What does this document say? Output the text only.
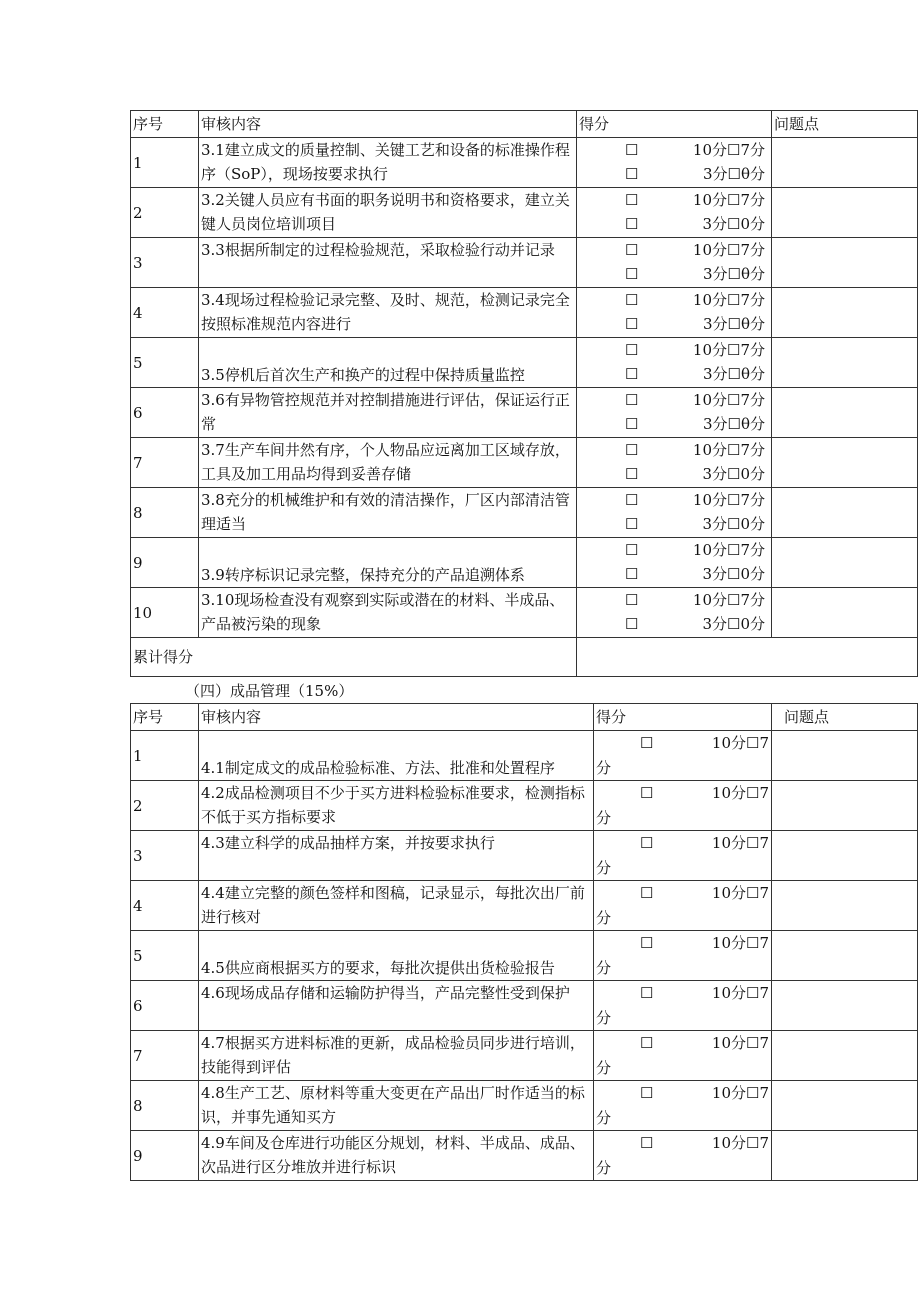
序号	审核内容	得分	问题点
1	3.1建立成文的质量控制、关键工艺和设备的标准操作程序（SoP），现场按要求执行	☐ 10分☐7分
☐ 3分☐θ分	

2	3.2关键人员应有书面的职务说明书和资格要求，建立关键人员岗位培训项目	☐ 10分☐7分
☐ 3分☐0分	

3	3.3根据所制定的过程检验规范，采取检验行动并记录	☐ 10分☐7分
☐ 3分☐θ分	

4	3.4现场过程检验记录完整、及时、规范，检测记录完全按照标准规范内容进行	☐ 10分☐7分
☐ 3分☐θ分	

5	3.5停机后首次生产和换产的过程中保持质量监控	☐ 10分☐7分
☐ 3分☐θ分	

6	3.6有异物管控规范并对控制措施进行评估，保证运行正常	☐ 10分☐7分
☐ 3分☐θ分	

7	3.7生产车间井然有序，个人物品应远离加工区域存放，工具及加工用品均得到妥善存储	☐ 10分☐7分
☐ 3分☐0分	

8	3.8充分的机械维护和有效的清洁操作，厂区内部清洁管理适当	☐ 10分☐7分
☐ 3分☐0分	

9	3.9转序标识记录完整，保持充分的产品追溯体系	☐ 10分☐7分
☐ 3分☐0分	

10	3.10现场检查没有观察到实际或潜在的材料、半成品、产品被污染的现象	☐ 10分☐7分
☐ 3分☐0分	

累计得分			
（四）成品管理（15%）
序号	审核内容	得分	问题点
1	4.1制定成文的成品检验标准、方法、批准和处置程序	☐ 10分☐7
分	

2	4.2成品检测项目不少于买方进料检验标准要求，检测指标不低于买方指标要求	☐ 10分☐7
分	

3	4.3建立科学的成品抽样方案，并按要求执行	☐ 10分☐7
分	

4	4.4建立完整的颜色签样和图稿，记录显示，每批次出厂前进行核对	☐ 10分☐7
分	

5	4.5供应商根据买方的要求，每批次提供出货检验报告	☐ 10分☐7
分	

6	4.6现场成品存储和运输防护得当，产品完整性受到保护	☐ 10分☐7
分	

7	4.7根据买方进料标准的更新，成品检验员同步进行培训，技能得到评估	☐ 10分☐7
分	

8	4.8生产工艺、原材料等重大变更在产品出厂时作适当的标识，并事先通知买方	☐ 10分☐7
分	

9	4.9车间及仓库进行功能区分规划，材料、半成品、成品、次品进行区分堆放并进行标识	☐ 10分☐7
分	
